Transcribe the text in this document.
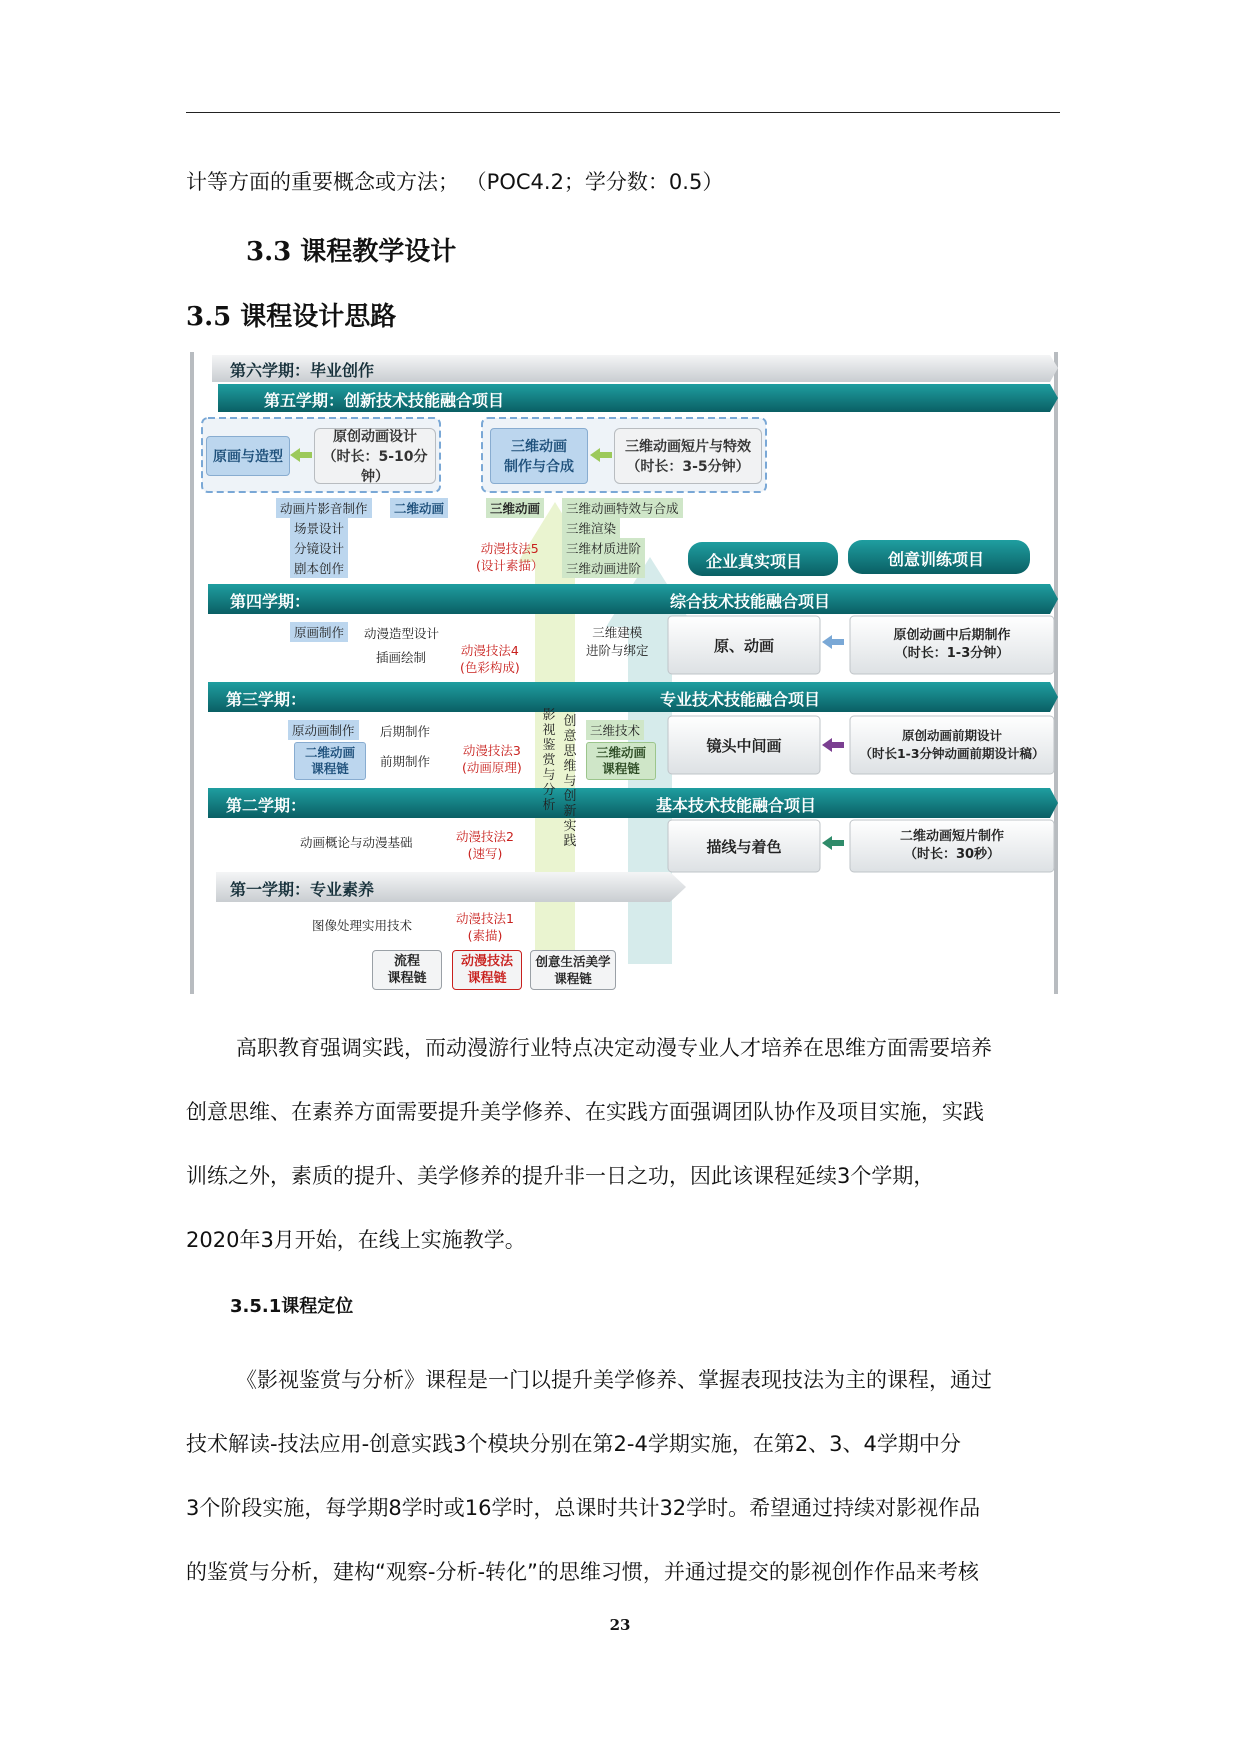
计等方面的重要概念或方法； （POC4.2；学分数：0.5）
3.3 课程教学设计
3.5 课程设计思路
第六学期：毕业创作
第五学期：创新技术技能融合项目
第四学期：	综合技术技能融合项目
第三学期：	专业技术技能融合项目
第二学期：	基本技术技能融合项目
第一学期：专业素养
原画与造型
原创动画设计
（时长：5-10分钟）
三维动画
制作与合成
三维动画短片与特效
（时长：3-5分钟）
动画片影音制作
场景设计
分镜设计
剧本创作
二维动画	三维动画	三维动画特效与合成
三维渲染
三维材质进阶
三维动画进阶
动漫技法5
(设计素描）	企业真实项目	创意训练项目
原画制作	动漫造型设计
插画绘制	动漫技法4
(色彩构成)
三维建模
进阶与绑定	原、动画
原创动画中后期制作
（时长：1-3分钟）
影视鉴赏与分析
创意思维与创新实践
原动画制作
二维动画
课程链
后期制作
前期制作
动漫技法3
(动画原理)
三维技术
三维动画
课程链
镜头中间画
原创动画前期设计
（时长1-3分钟动画前期设计稿）
动画概论与动漫基础	动漫技法2
(速写)	描线与着色
二维动画短片制作
（时长：30秒）
图像处理实用技术	动漫技法1
(素描)
流程
课程链
动漫技法
课程链
创意生活美学
课程链
高职教育强调实践，而动漫游行业特点决定动漫专业人才培养在思维方面需要培养
创意思维、在素养方面需要提升美学修养、在实践方面强调团队协作及项目实施，实践
训练之外，素质的提升、美学修养的提升非一日之功，因此该课程延续3个学期，
2020年3月开始，在线上实施教学。
3.5.1课程定位
《影视鉴赏与分析》课程是一门以提升美学修养、掌握表现技法为主的课程，通过
技术解读-技法应用-创意实践3个模块分别在第2-4学期实施，在第2、3、4学期中分
3个阶段实施，每学期8学时或16学时，总课时共计32学时。希望通过持续对影视作品
的鉴赏与分析，建构“观察-分析-转化”的思维习惯，并通过提交的影视创作作品来考核
23
